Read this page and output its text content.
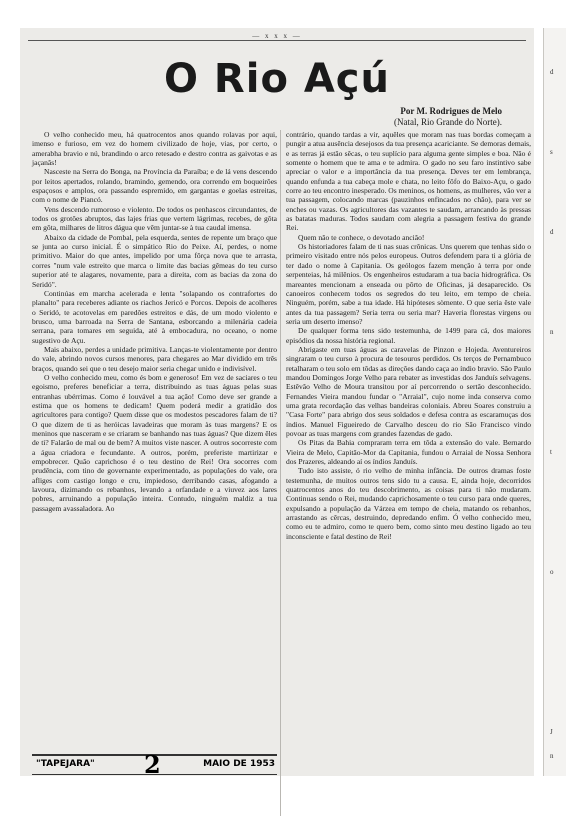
— x x x —
O Rio Açú
Por M. Rodrigues de Melo
(Natal, Rio Grande do Norte).

O velho conhecido meu, há quatrocentos anos quando rolavas por aqui, imenso e furioso, em vez do homem civilizado de hoje, vias, por certo, o amerabha bravio e nú, brandindo o arco retesado e destro contra as gaivotas e as jaçanãs!

Nasceste na Serra do Bonga, na Província da Paraíba; e de lá vens descendo por leitos apertados, rolando, bramindo, gemendo, ora correndo em boqueirões espaçosos e amplos, ora passando espremido, em gargantas e goelas estreitas, com o nome de Piancó.

Vens descendo rumoroso e violento. De todos os penhascos circundantes, de todos os grotões abruptos, das lajes frias que vertem lágrimas, recebes, de gôta em gôta, milhares de litros dágua que vêm juntar-se à tua caudal imensa.

Abaixo da cidade de Pombal, pela esquerda, sentes de repente um braço que se junta ao curso inicial. É o simpático Rio do Peixe. Aí, perdes, o nome primitivo. Maior do que antes, impelido por uma fôrça nova que te arrasta, corres "num vale estreito que marca o limite das bacias gêmeas do teu curso superior até te alagares, novamente, para a direita, com as bacias da zona do Seridó".

Continúas em marcha acelerada e lenta "solapando os contrafortes do planalto" para receberes adiante os riachos Jericó e Porcos. Depois de acolheres o Seridó, te acotovelas em paredões estreitos e dás, de um modo violento e brusco, uma barroada na Serra de Santana, esborcando a milenária cadeia serrana, para tomares em seguida, até à embocadura, no oceano, o nome sugestivo de Açu.

Mais abaixo, perdes a unidade primitiva. Lanças-te violentamente por dentro do vale, abrindo novos cursos menores, para chegares ao Mar dividido em três braços, quando sei que o teu desejo maior seria chegar unido e indivisível.

O velho conhecido meu, como és bom e generoso! Em vez de saciares o teu egoismo, preferes beneficiar a terra, distribuindo as tuas águas pelas suas entranhas ubérrimas. Como é louvável a tua ação! Como deve ser grande a estima que os homens te dedicam! Quem poderá medir a gratidão dos agricultores para contigo? Quem disse que os modestos pescadores falam de ti? O que dizem de ti as heróicas lavadeiras que moram às tuas margens? E os meninos que nasceram e se criaram se banhando nas tuas águas? Que dizem êles de ti? Falarão de mal ou de bem? A muitos viste nascer. A outros socorreste com a água criadora e fecundante. A outros, porém, preferiste martirizar e empobrecer. Quão caprichoso é o teu destino de Rei! Ora socorres com prudência, com tino de governante experimentado, as populações do vale, ora afliges com castigo longo e cru, impiedoso, derribando casas, afogando a lavoura, dizimando os rebanhos, levando a orfandade e a viuvez aos lares pobres, arruinando a população inteira. Contudo, ninguém maldiz a tua passagem avassaladora. Ao

contrário, quando tardas a vir, aquêles que moram nas tuas bordas começam a pungir a atua ausência desejosos da tua presença acariciante. Se demoras demais, e as terras já estão sêcas, o teu suplício para alguma gente simples e boa. Não é somente o homem que te ama e te admira. O gado no seu faro instintivo sabe apreciar o valor e a importância da tua presença. Deves ter em lembrança, quando enfunda a tua cabeça mole e chata, no leito fôfo do Baixo-Açu, o gado corre ao teu encontro inesperado. Os meninos, os homens, as mulheres, vão ver a tua passagem, colocando marcas (pauzinhos enfincados no chão), para ver se enches ou vazas. Os agricultores das vazantes te saudam, arrancando às pressas as batatas maduras. Todos saudam com alegria a passagem festiva do grande Rei.

Quem não te conhece, o devotado ancião!

Os historiadores falam de ti nas suas crônicas. Uns querem que tenhas sido o primeiro visitado entre nós pelos europeus. Outros defendem para ti a glória de ter dado o nome à Capitania. Os geólogos fazem menção à terra por onde serpenteias, há milênios. Os engenheiros estudaram a tua bacia hidrográfica. Os mareantes mencionam a enseada ou pôrto de Oficinas, já desaparecido. Os canoeiros conhecem todos os segredos do teu leito, em tempo de cheia. Ninguém, porém, sabe a tua idade. Há hipóteses sòmente. O que seria êste vale antes da tua passagem? Seria terra ou seria mar? Haveria florestas virgens ou seria um deserto imenso?

De qualquer forma tens sido testemunha, de 1499 para cá, dos maiores episódios da nossa história regional.

Abrigaste em tuas águas as caravelas de Pinzon e Hojeda. Aventureiros singraram o teu curso à procura de tesouros perdidos. Os terços de Pernambuco retalharam o teu solo em tôdas as direções dando caça ao índio bravio. São Paulo mandou Domingos Jorge Velho para rebater as investidas dos Janduís selvagens. Estêvão Velho de Moura transitou por aí percorrendo o sertão desconhecido. Fernandes Vieira mandou fundar o "Arraial", cujo nome inda conserva como uma grata recordação das velhas bandeiras coloniais. Abreu Soares construiu a "Casa Forte" para abrigo dos seus soldados e defesa contra as escaramuças dos índios. Manuel Figueiredo de Carvalho desceu do rio São Francisco vindo povoar as tuas margens com grandes fazendas de gado.

Os Pitas da Bahia compraram terra em tôda a extensão do vale. Bernardo Vieira de Melo, Capitão-Mor da Capitania, fundou o Arraial de Nossa Senhora dos Prazeres, aldeando aí os índios Janduís.

Tudo isto assiste, ó rio velho de minha infância. De outros dramas foste testemunha, de muitos outros tens sido tu a causa. E, ainda hoje, decorridos quatrocentos anos do teu descobrimento, as coisas para ti não mudaram. Continuas sendo o Rei, mudando caprichosamente o teu curso para onde queres, expulsando a população da Várzea em tempo de cheia, matando os rebanhos, arrastando as cêrcas, destruindo, depredando enfim. Ó velho conhecido meu, como eu te admiro, como te quero bem, como sinto meu destino ligado ao teu inconsciente e fatal destino de Rei!

"TAPEJARA" 2	MAIO DE 1953
d
s
d
n
t
o
J
n
